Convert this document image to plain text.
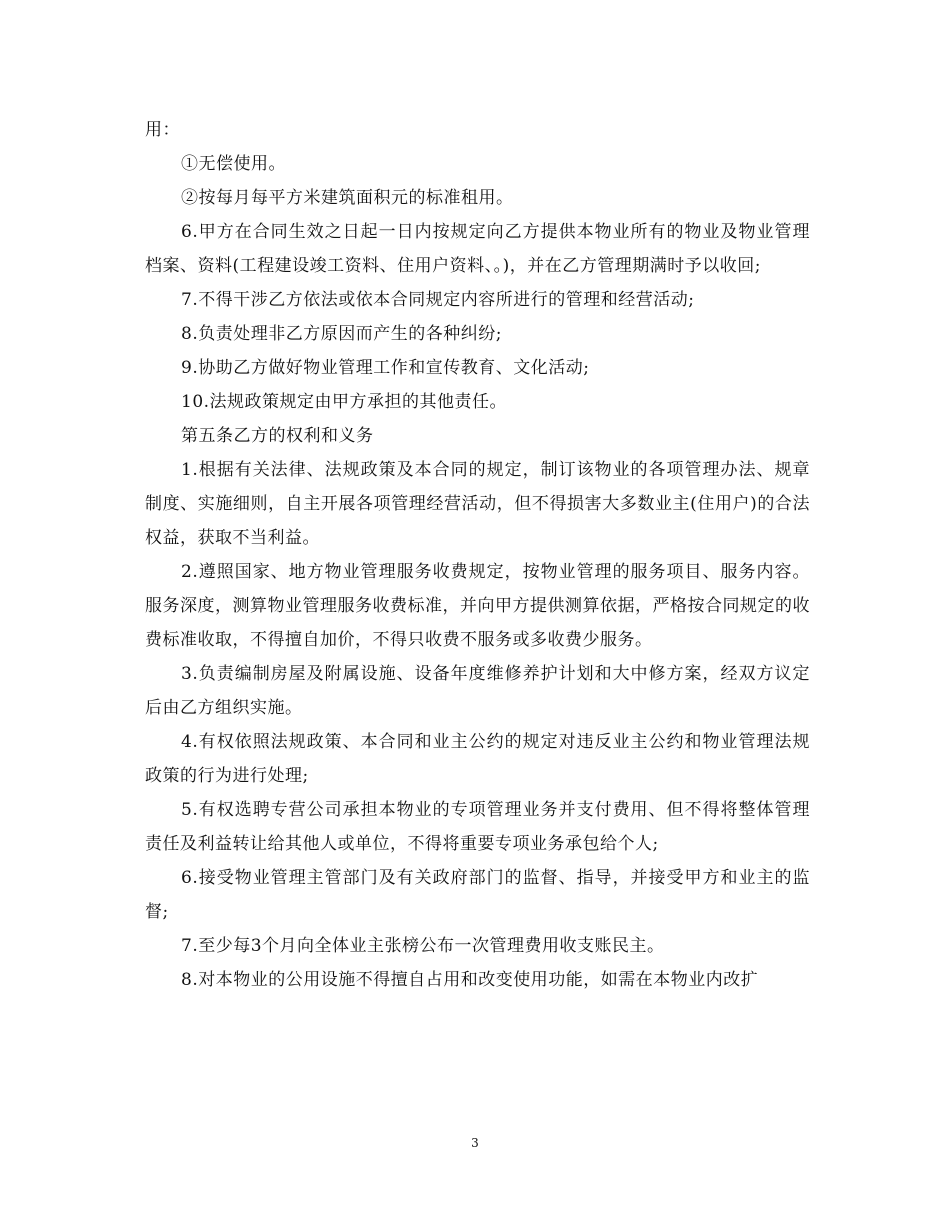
用：

①无偿使用。

②按每月每平方米建筑面积元的标准租用。

6.甲方在合同生效之日起一日内按规定向乙方提供本物业所有的物业及物业管理档案、资料(工程建设竣工资料、住用户资料、。)，并在乙方管理期满时予以收回;

7.不得干涉乙方依法或依本合同规定内容所进行的管理和经营活动;

8.负责处理非乙方原因而产生的各种纠纷;

9.协助乙方做好物业管理工作和宣传教育、文化活动;

10.法规政策规定由甲方承担的其他责任。

第五条乙方的权利和义务

1.根据有关法律、法规政策及本合同的规定，制订该物业的各项管理办法、规章制度、实施细则，自主开展各项管理经营活动，但不得损害大多数业主(住用户)的合法权益，获取不当利益。

2.遵照国家、地方物业管理服务收费规定，按物业管理的服务项目、服务内容。服务深度，测算物业管理服务收费标准，并向甲方提供测算依据，严格按合同规定的收费标准收取，不得擅自加价，不得只收费不服务或多收费少服务。

3.负责编制房屋及附属设施、设备年度维修养护计划和大中修方案，经双方议定后由乙方组织实施。

4.有权依照法规政策、本合同和业主公约的规定对违反业主公约和物业管理法规政策的行为进行处理;

5.有权选聘专营公司承担本物业的专项管理业务并支付费用、但不得将整体管理责任及利益转让给其他人或单位，不得将重要专项业务承包给个人;

6.接受物业管理主管部门及有关政府部门的监督、指导，并接受甲方和业主的监督;

7.至少每3个月向全体业主张榜公布一次管理费用收支账民主。

8.对本物业的公用设施不得擅自占用和改变使用功能，如需在本物业内改扩

3
